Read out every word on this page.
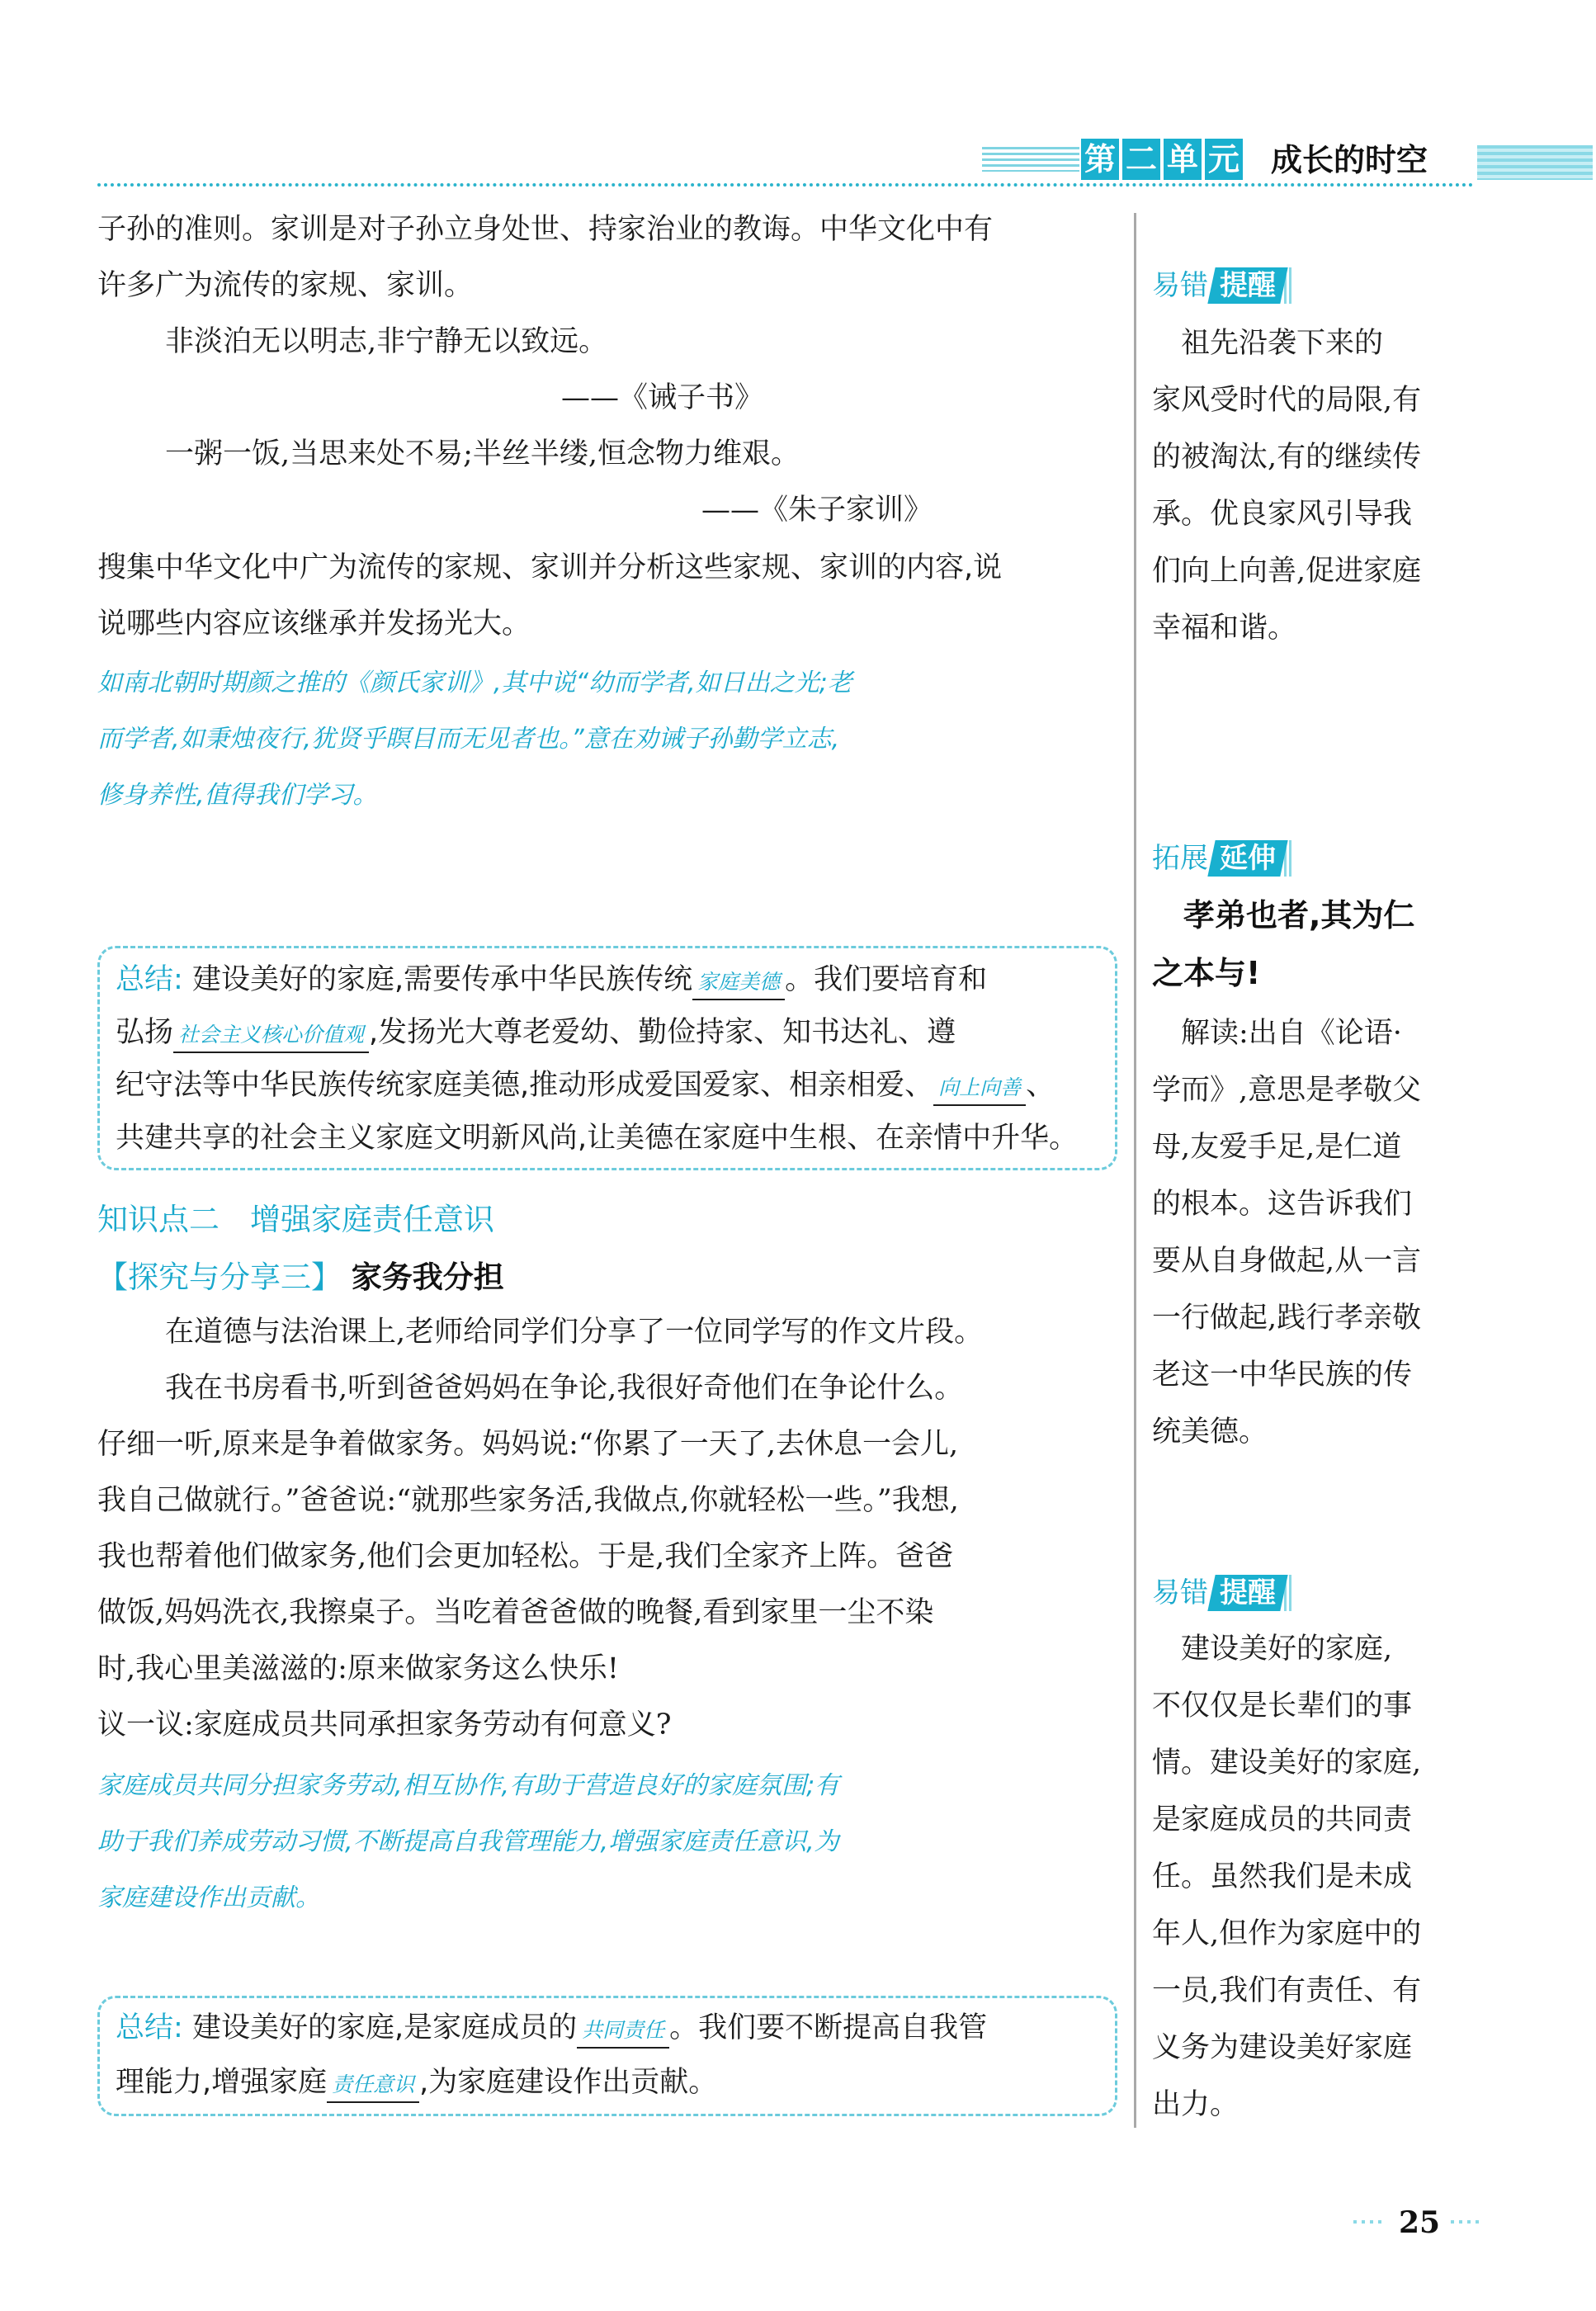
第 二 单 元 成长的时空
子孙的准则。家训是对子孙立身处世、持家治业的教诲。中华文化中有
许多广为流传的家规、家训。
非淡泊无以明志,非宁静无以致远。
——《诫子书》
一粥一饭,当思来处不易;半丝半缕,恒念物力维艰。
——《朱子家训》
搜集中华文化中广为流传的家规、家训并分析这些家规、家训的内容,说
说哪些内容应该继承并发扬光大。
如南北朝时期颜之推的《颜氏家训》,其中说“幼而学者,如日出之光;老
而学者,如秉烛夜行,犹贤乎瞑目而无见者也。”意在劝诫子孙勤学立志,
修身养性,值得我们学习。
总结: 建设美好的家庭,需要传承中华民族传统 家庭美德 。我们要培育和
弘扬 社会主义核心价值观 ,发扬光大尊老爱幼、勤俭持家、知书达礼、遵
纪守法等中华民族传统家庭美德,推动形成爱国爱家、相亲相爱、 向上向善 、
共建共享的社会主义家庭文明新风尚,让美德在家庭中生根、在亲情中升华。
知识点二　增强家庭责任意识
【探究与分享三】 家务我分担
在道德与法治课上,老师给同学们分享了一位同学写的作文片段。
我在书房看书,听到爸爸妈妈在争论,我很好奇他们在争论什么。
仔细一听,原来是争着做家务。妈妈说:“你累了一天了,去休息一会儿,
我自己做就行。”爸爸说:“就那些家务活,我做点,你就轻松一些。”我想,
我也帮着他们做家务,他们会更加轻松。于是,我们全家齐上阵。爸爸
做饭,妈妈洗衣,我擦桌子。当吃着爸爸做的晚餐,看到家里一尘不染
时,我心里美滋滋的:原来做家务这么快乐!
议一议:家庭成员共同承担家务劳动有何意义?
家庭成员共同分担家务劳动,相互协作,有助于营造良好的家庭氛围;有
助于我们养成劳动习惯,不断提高自我管理能力,增强家庭责任意识,为
家庭建设作出贡献。
总结: 建设美好的家庭,是家庭成员的 共同责任 。我们要不断提高自我管
理能力,增强家庭 责任意识 ,为家庭建设作出贡献。
易错 提醒
　祖先沿袭下来的
家风受时代的局限,有
的被淘汰,有的继续传
承。优良家风引导我
们向上向善,促进家庭
幸福和谐。
拓展 延伸
　孝弟也者,其为仁
之本与!
　解读:出自《论语·
学而》,意思是孝敬父
母,友爱手足,是仁道
的根本。这告诉我们
要从自身做起,从一言
一行做起,践行孝亲敬
老这一中华民族的传
统美德。
易错 提醒
　建设美好的家庭,
不仅仅是长辈们的事
情。建设美好的家庭,
是家庭成员的共同责
任。虽然我们是未成
年人,但作为家庭中的
一员,我们有责任、有
义务为建设美好家庭
出力。
25
